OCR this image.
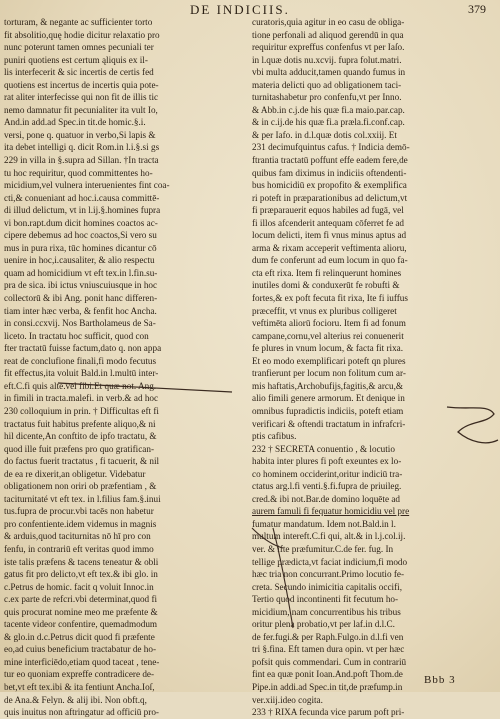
DE INDICIIS.	379
torturam, & negante ac sufficienter torto
fit absolitio,quę hodie dicitur relaxatio pro
nunc poterunt tamen omnes pecuniali ter
puniri quotiens est certum ąliquis ex il-
lis interfecerit & sic incertis de certis fed
quotiens est incertus de incertis quia pote-
rat aliter interfecisse qui non fit de illis tic
nemo damnatur fit pecunialiter ita vult Io,
And.in add.ad Spec.in tit.de homic.§.i.
versi, pone q. quatuor in verbo,Si lapis &
ita debet intelligi q. dicit Rom.in l.i.§.si gs
229 in villa in §.supra ad Sillan. †In tracta
tu hoc requiritur, quod committentes ho-
micidium,vel vulnera interuenientes fint coa-
cti,& conueniant ad hoc.i.causa committē-
di illud delictum, vt in l.ij.§.homines fupra
vi bon.rapt.dum dicit homines coactos ac-
cipere debemus ad hoc coactos,Si vero su
mus in pura rixa, tūc homines dicantur cō
uenire in hoc,i.causaliter, & alio respectu
quam ad homicidium vt eft tex.in l.fin.su-
pra de sica. ibi ictus vniuscuiusque in hoc
collectorū & ibi Ang. ponit hanc differen-
tiam inter hæc verba, & fenfit hoc Ancha.
in consi.ccxvij. Nos Bartholameus de Sa-
liceto. In tractatu hoc sufficit, quod con
fter tractatū fuisse factum,dato q. non appa
reat de conclufione finali,fi modo fecutus
fit effectus,ita voluit Bald.in l.multū inter-
eft.C.fi quis alte.vel fibi.Et quæ not. Ang.
in fimili in tracta.malefi. in verb.& ad hoc
230 colloquium in prin. † Difficultas eft fi
tractatus fuit habitus prefente aliquo,& ni
hil dicente,An conftito de ipfo tractatu, &
quod ille fuit præfens pro quo gratifican-
do factus fuerit tractatus , fi tacuerit, & nil
de ea re dixerit,an obligetur. Videbatur
obligationem non oriri ob præfentiam , &
taciturnitaté vt eft tex. in l.filius fam.§.inui
tus.fupra de procur.vbi tacēs non habetur
pro confentiente.idem videmus in magnis
& arduis,quod taciturnitas nō hī pro con
fenfu, in contrariū eft veritas quod immo
iste talis præfens & tacens teneatur & obli
gatus fit pro delicto,vt eft tex.& ibi glo. in
c.Petrus de homic. facit q voluit Innoc.in
c.ex parte de refcri.vbi determinat,quod fi
quis procurat nomine meo me præfente &
tacente videor confentire, quemadmodum
& glo.in d.c.Petrus dicit quod fi præfente
eo,ad cuius beneficium tractabatur de ho-
mine interficiēdo,etiam quod taceat , tene-
tur eo quoniam expreffe contradicere de-
bet,vt eft tex.ibi & ita fentiunt Ancha.Ioſ,
de Ana.& Felyn. & alij ibi. Non obft.q,
quis inuitus non aftringatur ad officiū pro-
curatoris,quia agitur in eo casu de obliga-
tione perfonali ad aliquod gerendū in qua
requiritur expreffus confenfus vt per Iaſo.
in l.quæ dotis nu.xcvij. fupra folut.matri.
vbi multa adducit,tamen quando fumus in
materia delicti quo ad obligationem taci-
turnitashabetur pro confenfu,vt per Inno.
& Abb.in c.j.de his quæ fi.a maio.par.cap.
& in c.ij.de his quæ fi.a præla.fi.conf.cap.
& per Iafo. in d.l.quæ dotis col.xxiij. Et
231 decimufquintus cafus. † Indicia demō-
ftrantia tractatū poffunt effe eadem fere,de
quibus fam diximus in indiciis oftendenti-
bus homicidiū ex propofito & exemplifica
ri poteft in præparationibus ad delictum,vt
fi præparauerit equos habiles ad fugā, vel
fi illos afcenderit antequam cōferret fe ad
locum delicti, item fi vnus minus aptus ad
arma & rixam acceperit veftimenta alioru,
dum fe conferunt ad eum locum in quo fa-
cta eft rixa. Item fi relinquerunt homines
inutiles domi & conduxerūt fe robufti &
fortes,& ex poft fecuta fit rixa, Ite fi iuffus
præceffit, vt vnus ex pluribus colligeret
veftimēta aliorū focioru. Item fi ad fonum
campane,cornu,vel alterius rei conuenerit
fe plures in vnum locum, & facta fit rixa.
Et eo modo exemplificari poteft qn plures
tranfierunt per locum non folitum cum ar-
mis haftatis,Archobufijs,fagitis,& arcu,&
alio fimili genere armorum. Et denique in
omnibus fupradictis indiciis, poteft etiam
verificari & oftendi tractatum in infrafcri-
ptis cafibus.
232 † SECRETA conuentio , & locutio
habita inter plures fi poft exeuntes ex lo-
co hominem occiderint,oritur indiciū tra-
ctatus arg.l.fi venti.§.fi.fupra de priuileg.
cred.& ibi not.Bar.de domino loquēte ad
aurem famuli fi fequatur homicidiu vel pre
fumatur mandatum. Idem not.Bald.in l.
multum intereft.C.fi qui, alt.& in l.j.col.ij.
ver. & ifte præfumitur.C.de fer. fug. In
tellige prædicta,vt faciat indicium,fi modo
hæc tria non concurrant.Primo locutio fe-
creta. Secundo inimicitia capitalis occifi,
Tertio quod incontinenti fit fecutum ho-
micidium, nam concurrentibus his tribus
oritur plena probatio,vt per laf.in d.l.C.
de fer.fugi.& per Raph.Fulgo.in d.l.fi ven
tri §.fina. Eft tamen dura opin. vt per hæc
pofsit quis commendari. Cum in contrariū
fint ea quæ ponit Ioan.And.poft Thom.de
Pipe.in addi.ad Spec.in tit,de præfump.in
ver.xiij.ideo cogita.
233 † RIXA fecunda vice parum poft pri-
Bbb 3
